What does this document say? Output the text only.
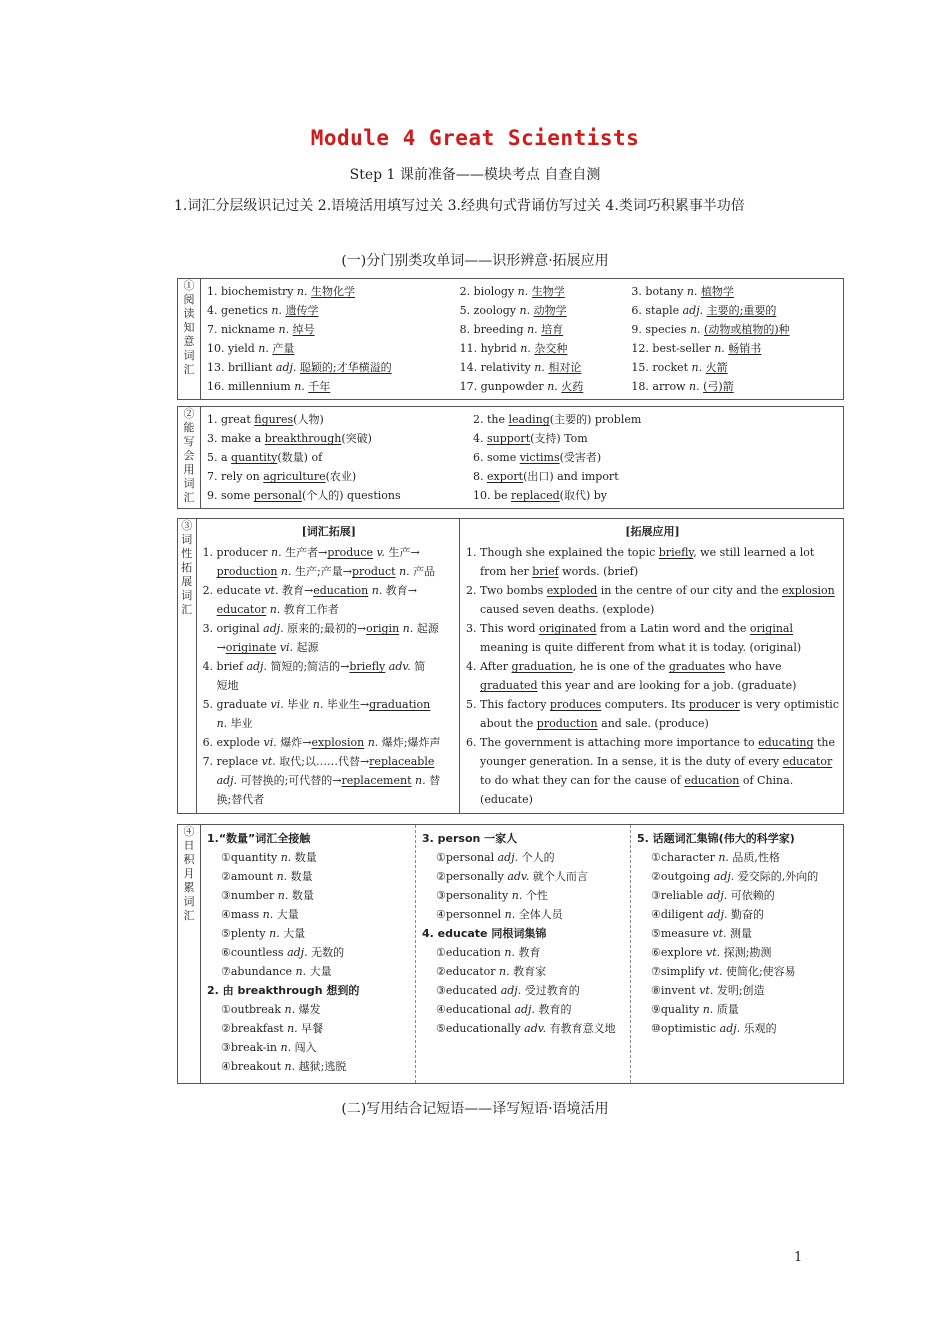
Module 4 Great Scientists
Step 1 课前准备——模块考点 自查自测
1.词汇分层级识记过关 2.语境活用填写过关 3.经典句式背诵仿写过关 4.类词巧积累事半功倍
(一)分门别类攻单词——识形辨意·拓展应用
①阅读知意词汇	
1. biochemistry n. 生物化学	2. biology n. 生物学	3. botany n. 植物学
4. genetics n. 遗传学	5. zoology n. 动物学	6. staple adj. 主要的;重要的
7. nickname n. 绰号	8. breeding n. 培育	9. species n. (动物或植物的)种
10. yield n. 产量	11. hybrid n. 杂交种	12. best-seller n. 畅销书
13. brilliant adj. 聪颖的;才华横溢的	14. relativity n. 相对论	15. rocket n. 火箭
16. millennium n. 千年	17. gunpowder n. 火药	18. arrow n. (弓)箭
②能写会用词汇	
1. great figures(人物)	2. the leading(主要的) problem
3. make a breakthrough(突破)	4. support(支持) Tom
5. a quantity(数量) of	6. some victims(受害者)
7. rely on agriculture(农业)	8. export(出口) and import
9. some personal(个人的) questions	10. be replaced(取代) by
③词性拓展词汇	
[词汇拓展]
1. producer n. 生产者→produce v. 生产→
production n. 生产;产量→product n. 产品
2. educate vt. 教育→education n. 教育→
educator n. 教育工作者
3. original adj. 原来的;最初的→origin n. 起源
→originate vi. 起源
4. brief adj. 简短的;简洁的→briefly adv. 简
短地
5. graduate vi. 毕业 n. 毕业生→graduation
n. 毕业
6. explode vi. 爆炸→explosion n. 爆炸;爆炸声
7. replace vt. 取代;以……代替→replaceable
adj. 可替换的;可代替的→replacement n. 替
换;替代者

[拓展应用]
1. Though she explained the topic briefly, we still learned a lot
from her brief words. (brief)
2. Two bombs exploded in the centre of our city and the explosion
caused seven deaths. (explode)
3. This word originated from a Latin word and the original
meaning is quite different from what it is today. (original)
4. After graduation, he is one of the graduates who have
graduated this year and are looking for a job. (graduate)
5. This factory produces computers. Its producer is very optimistic
about the production and sale. (produce)
6. The government is attaching more importance to educating the
younger generation. In a sense, it is the duty of every educator
to do what they can for the cause of education of China.
(educate)
④日积月累词汇	
1.“数量”词汇全接触
①quantity n. 数量
②amount n. 数量
③number n. 数量
④mass n. 大量
⑤plenty n. 大量
⑥countless adj. 无数的
⑦abundance n. 大量
2. 由 breakthrough 想到的
①outbreak n. 爆发
②breakfast n. 早餐
③break-in n. 闯入
④breakout n. 越狱;逃脱

3. person 一家人
①personal adj. 个人的
②personally adv. 就个人而言
③personality n. 个性
④personnel n. 全体人员
4. educate 同根词集锦
①education n. 教育
②educator n. 教育家
③educated adj. 受过教育的
④educational adj. 教育的
⑤educationally adv. 有教育意义地

5. 话题词汇集锦(伟大的科学家)
①character n. 品质,性格
②outgoing adj. 爱交际的,外向的
③reliable adj. 可依赖的
④diligent adj. 勤奋的
⑤measure vt. 测量
⑥explore vt. 探测;勘测
⑦simplify vt. 使简化;使容易
⑧invent vt. 发明;创造
⑨quality n. 质量
⑩optimistic adj. 乐观的
(二)写用结合记短语——译写短语·语境活用
1
